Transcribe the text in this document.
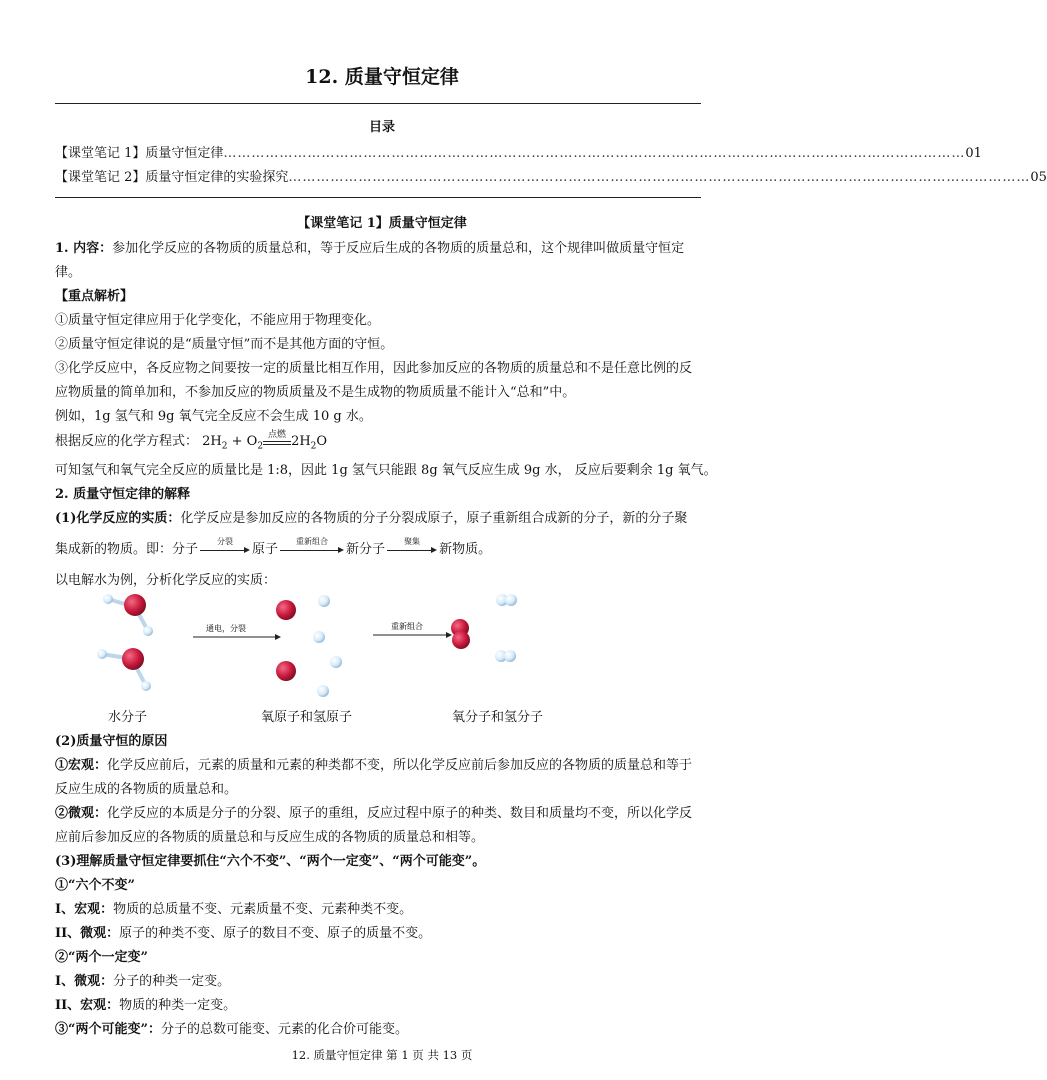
12. 质量守恒定律
目录
【课堂笔记 1】质量守恒定律 …………………………………………………………………………………………………………………………………………… 01
【课堂笔记 2】质量守恒定律的实验探究 …………………………………………………………………………………………………………………………………………… 05
【课堂笔记 1】质量守恒定律
1. 内容：参加化学反应的各物质的质量总和，等于反应后生成的各物质的质量总和，这个规律叫做质量守恒定
律。
【重点解析】
①质量守恒定律应用于化学变化，不能应用于物理变化。
②质量守恒定律说的是“质量守恒”而不是其他方面的守恒。
③化学反应中，各反应物之间要按一定的质量比相互作用，因此参加反应的各物质的质量总和不是任意比例的反
应物质量的简单加和，不参加反应的物质质量及不是生成物的物质质量不能计入“总和”中。
例如，1g 氢气和 9g 氧气完全反应不会生成 10 g 水。
根据反应的化学方程式： $2H_2 + O_2$
点燃 $2H_2O$
可知氢气和氧气完全反应的质量比是 1:8，因此 1g 氢气只能跟 8g 氧气反应生成 9g 水， 反应后要剩余 1g 氧气。
2. 质量守恒定律的解释
(1)化学反应的实质：化学反应是参加反应的各物质的分子分裂成原子，原子重新组合成新的分子，新的分子聚
集成新的物质。即： 分子
分裂
原子
重新组合
新分子
聚集
新物质。
以电解水为例，分析化学反应的实质：
通电，分裂	重新组合
水分子	氧原子和氢原子	氧分子和氢分子
(2)质量守恒的原因
①宏观：化学反应前后，元素的质量和元素的种类都不变，所以化学反应前后参加反应的各物质的质量总和等于
反应生成的各物质的质量总和。
②微观：化学反应的本质是分子的分裂、原子的重组，反应过程中原子的种类、数目和质量均不变，所以化学反
应前后参加反应的各物质的质量总和与反应生成的各物质的质量总和相等。
(3)理解质量守恒定律要抓住“六个不变”、“两个一定变”、“两个可能变”。
①“六个不变”
I、宏观：物质的总质量不变、元素质量不变、元素种类不变。
II、微观：原子的种类不变、原子的数目不变、原子的质量不变。
②“两个一定变”
I、微观：分子的种类一定变。
II、宏观：物质的种类一定变。
③“两个可能变”：分子的总数可能变、元素的化合价可能变。
12. 质量守恒定律 第 1 页 共 13 页
